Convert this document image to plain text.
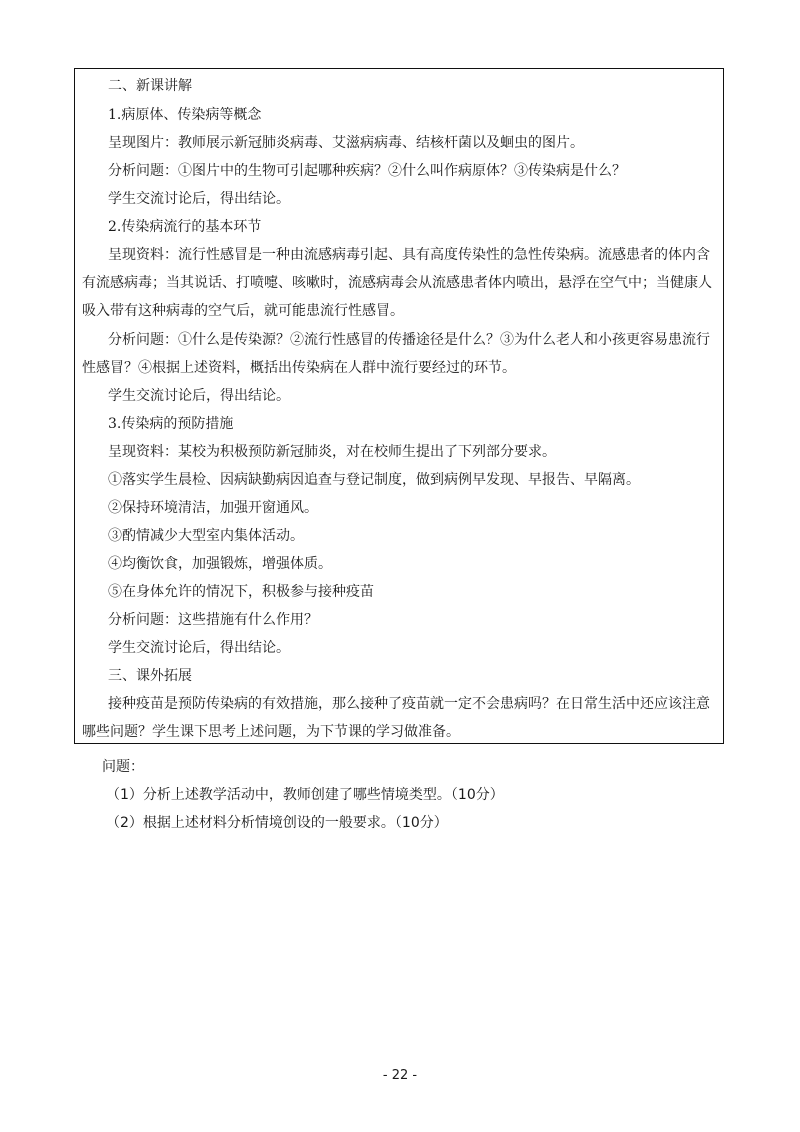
二、新课讲解
1.病原体、传染病等概念
呈现图片：教师展示新冠肺炎病毒、艾滋病病毒、结核杆菌以及蛔虫的图片。
分析问题：①图片中的生物可引起哪种疾病？②什么叫作病原体？③传染病是什么？
学生交流讨论后，得出结论。
2.传染病流行的基本环节
呈现资料：流行性感冒是一种由流感病毒引起、具有高度传染性的急性传染病。流感患者的体内含
有流感病毒；当其说话、打喷嚏、咳嗽时，流感病毒会从流感患者体内喷出，悬浮在空气中；当健康人
吸入带有这种病毒的空气后，就可能患流行性感冒。
分析问题：①什么是传染源？②流行性感冒的传播途径是什么？③为什么老人和小孩更容易患流行
性感冒？④根据上述资料，概括出传染病在人群中流行要经过的环节。
学生交流讨论后，得出结论。
3.传染病的预防措施
呈现资料：某校为积极预防新冠肺炎，对在校师生提出了下列部分要求。
①落实学生晨检、因病缺勤病因追查与登记制度，做到病例早发现、早报告、早隔离。
②保持环境清洁，加强开窗通风。
③酌情减少大型室内集体活动。
④均衡饮食，加强锻炼，增强体质。
⑤在身体允许的情况下，积极参与接种疫苗
分析问题：这些措施有什么作用？
学生交流讨论后，得出结论。
三、课外拓展
接种疫苗是预防传染病的有效措施，那么接种了疫苗就一定不会患病吗？在日常生活中还应该注意
哪些问题？学生课下思考上述问题，为下节课的学习做准备。
问题：
（1）分析上述教学活动中，教师创建了哪些情境类型。（10分）
（2）根据上述材料分析情境创设的一般要求。（10分）
- 22 -
